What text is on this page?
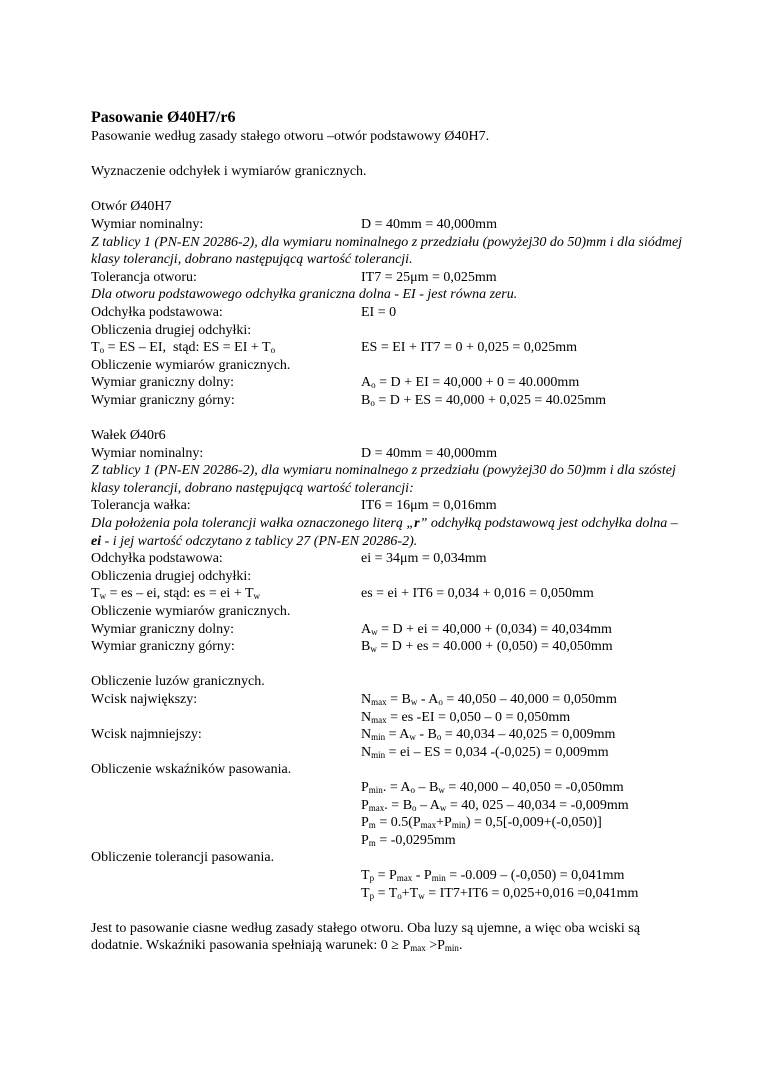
Pasowanie Ø40H7/r6
Pasowanie według zasady stałego otworu –otwór podstawowy Ø40H7.
Wyznaczenie odchyłek i wymiarów granicznych.
Otwór Ø40H7
Wymiar nominalny:	D = 40mm = 40,000mm
Z tablicy 1 (PN-EN 20286-2), dla wymiaru nominalnego z przedziału (powyżej30 do 50)mm i dla siódmej klasy tolerancji, dobrano następującą wartość tolerancji.
Tolerancja otworu:	IT7 = 25μm = 0,025mm
Dla otworu podstawowego odchyłka graniczna dolna - EI - jest równa zeru.
Odchyłka podstawowa:	EI = 0
Obliczenia drugiej odchyłki:
$T_o$ = ES – EI,  stąd: ES = EI + $T_o$	ES = EI + IT7 = 0 + 0,025 = 0,025mm
Obliczenie wymiarów granicznych.
Wymiar graniczny dolny:	$A_o = D$ + EI = 40,000 + 0 = 40.000mm
Wymiar graniczny górny:	$B_o = D$ + ES = 40,000 + 0,025 = 40.025mm
Wałek Ø40r6
Wymiar nominalny:	D = 40mm = 40,000mm
Z tablicy 1 (PN-EN 20286-2), dla wymiaru nominalnego z przedziału (powyżej30 do 50)mm i dla szóstej klasy tolerancji, dobrano następującą wartość tolerancji:
Tolerancja wałka:	IT6 = 16μm = 0,016mm
Dla położenia pola tolerancji wałka oznaczonego literą „r” odchyłką podstawową jest odchyłka dolna – ei - i jej wartość odczytano z tablicy 27 (PN-EN 20286-2).
Odchyłka podstawowa:	ei = 34μm = 0,034mm
Obliczenia drugiej odchyłki:
$T_w$ = es – ei, stąd: es = ei + $T_w$	es = ei + IT6 = 0,034 + 0,016 = 0,050mm
Obliczenie wymiarów granicznych.
Wymiar graniczny dolny:	$A_w = D$ + ei = 40,000 + (0,034) = 40,034mm
Wymiar graniczny górny:	$B_w = D$ + es = 40.000 + (0,050) = 40,050mm
Obliczenie luzów granicznych.
Wcisk największy:	$N_{max} = B_w - A_o = 40,050 - 40,000 = 0,050mm$
$N_{max}$ = es -EI = 0,050 – 0 = 0,050mm
Wcisk najmniejszy:	$N_{min} = A_w - B_o = 40,034 - 40,025 = 0,009mm$
$N_{min}$ = ei – ES = 0,034 -(-0,025) = 0,009mm
Obliczenie wskaźników pasowania.
$P_{min}$. = $A_o - B_w = 40,000 - 40,050 = -0,050mm$
$P_{max}$. = $B_o - A_w = 40$, 025 – 40,034 = -0,009mm
$P_m = 0.5(P_{max}+P_{min}) = 0,5[-0,009+(-0,050)]$
$P_m = -0,0295mm$
Obliczenie tolerancji pasowania.
$T_p = P_{max} - P_{min} = -0.009 - (-0,050) = 0,041mm$
$T_p = T_o+T_w = IT7+IT6 = 0,025+0,016 =0,041mm$
Jest to pasowanie ciasne według zasady stałego otworu. Oba luzy są ujemne, a więc oba wciski są dodatnie. Wskaźniki pasowania spełniają warunek: $0 \ge P_{max} >P_{min}$.
